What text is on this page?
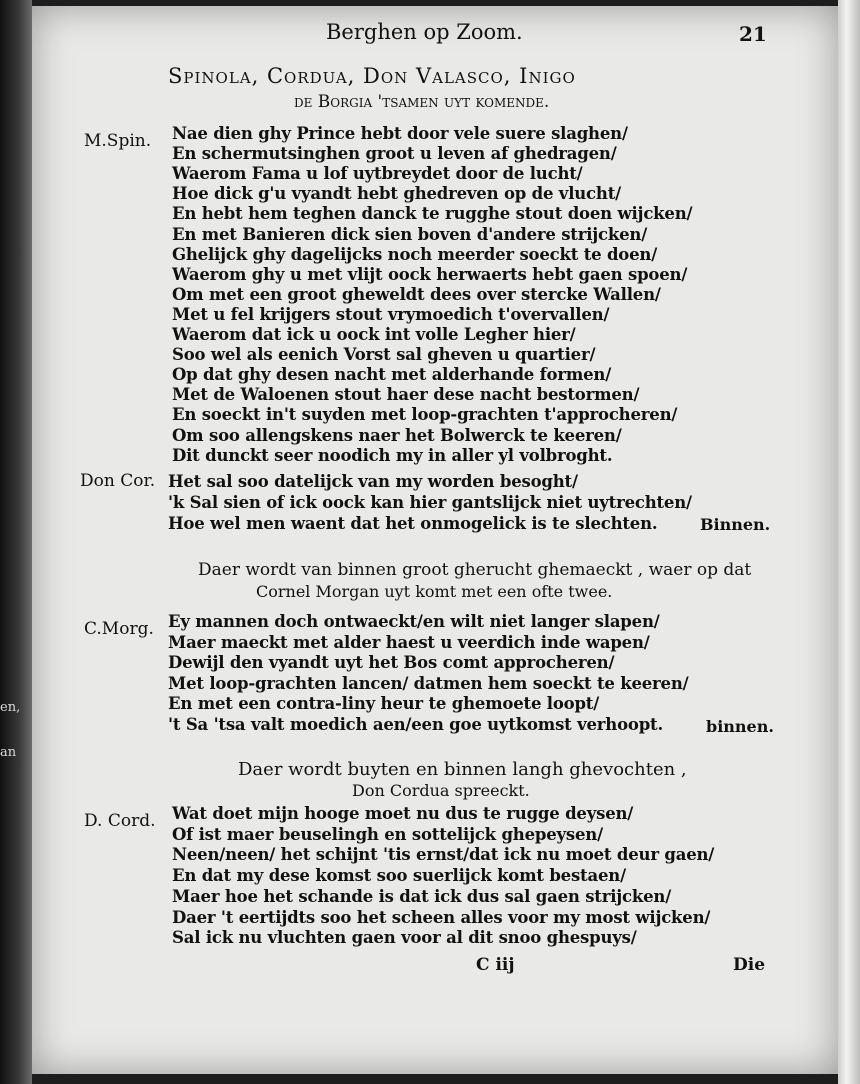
en,
an
Berghen op Zoom.	21
Spinola, Cordua, Don Valasco, Inigo
de Borgia 'tsamen uyt komende.
M.Spin. Nae dien ghy Prince hebt door vele suere slaghen/
En schermutsinghen groot u leven af ghedragen/
Waerom Fama u lof uytbreydet door de lucht/
Hoe dick g'u vyandt hebt ghedreven op de vlucht/
En hebt hem teghen danck te rugghe stout doen wijcken/
En met Banieren dick sien boven d'andere strijcken/
Ghelijck ghy dagelijcks noch meerder soeckt te doen/
Waerom ghy u met vlijt oock herwaerts hebt gaen spoen/
Om met een groot gheweldt dees over stercke Wallen/
Met u fel krijgers stout vrymoedich t'overvallen/
Waerom dat ick u oock int volle Legher hier/
Soo wel als eenich Vorst sal gheven u quartier/
Op dat ghy desen nacht met alderhande formen/
Met de Waloenen stout haer dese nacht bestormen/
En soeckt in't suyden met loop-grachten t'approcheren/
Om soo allengskens naer het Bolwerck te keeren/
Dit dunckt seer noodich my in aller yl volbroght.
Don Cor. Het sal soo datelijck van my worden besoght/
'k Sal sien of ick oock kan hier gantslijck niet uytrechten/
Hoe wel men waent dat het onmogelick is te slechten.	Binnen.
Daer wordt van binnen groot gherucht ghemaeckt , waer op dat
Cornel Morgan uyt komt met een ofte twee.
C.Morg. Ey mannen doch ontwaeckt/en wilt niet langer slapen/
Maer maeckt met alder haest u veerdich inde wapen/
Dewijl den vyandt uyt het Bos comt approcheren/
Met loop-grachten lancen/ datmen hem soeckt te keeren/
En met een contra-liny heur te ghemoete loopt/
't Sa 'tsa valt moedich aen/een goe uytkomst verhoopt.	binnen.
Daer wordt buyten en binnen langh ghevochten ,
Don Cordua spreeckt.
D. Cord. Wat doet mijn hooge moet nu dus te rugge deysen/
Of ist maer beuselingh en sottelijck ghepeysen/
Neen/neen/ het schijnt 'tis ernst/dat ick nu moet deur gaen/
En dat my dese komst soo suerlijck komt bestaen/
Maer hoe het schande is dat ick dus sal gaen strijcken/
Daer 't eertijdts soo het scheen alles voor my most wijcken/
Sal ick nu vluchten gaen voor al dit snoo ghespuys/
C iij	Die
